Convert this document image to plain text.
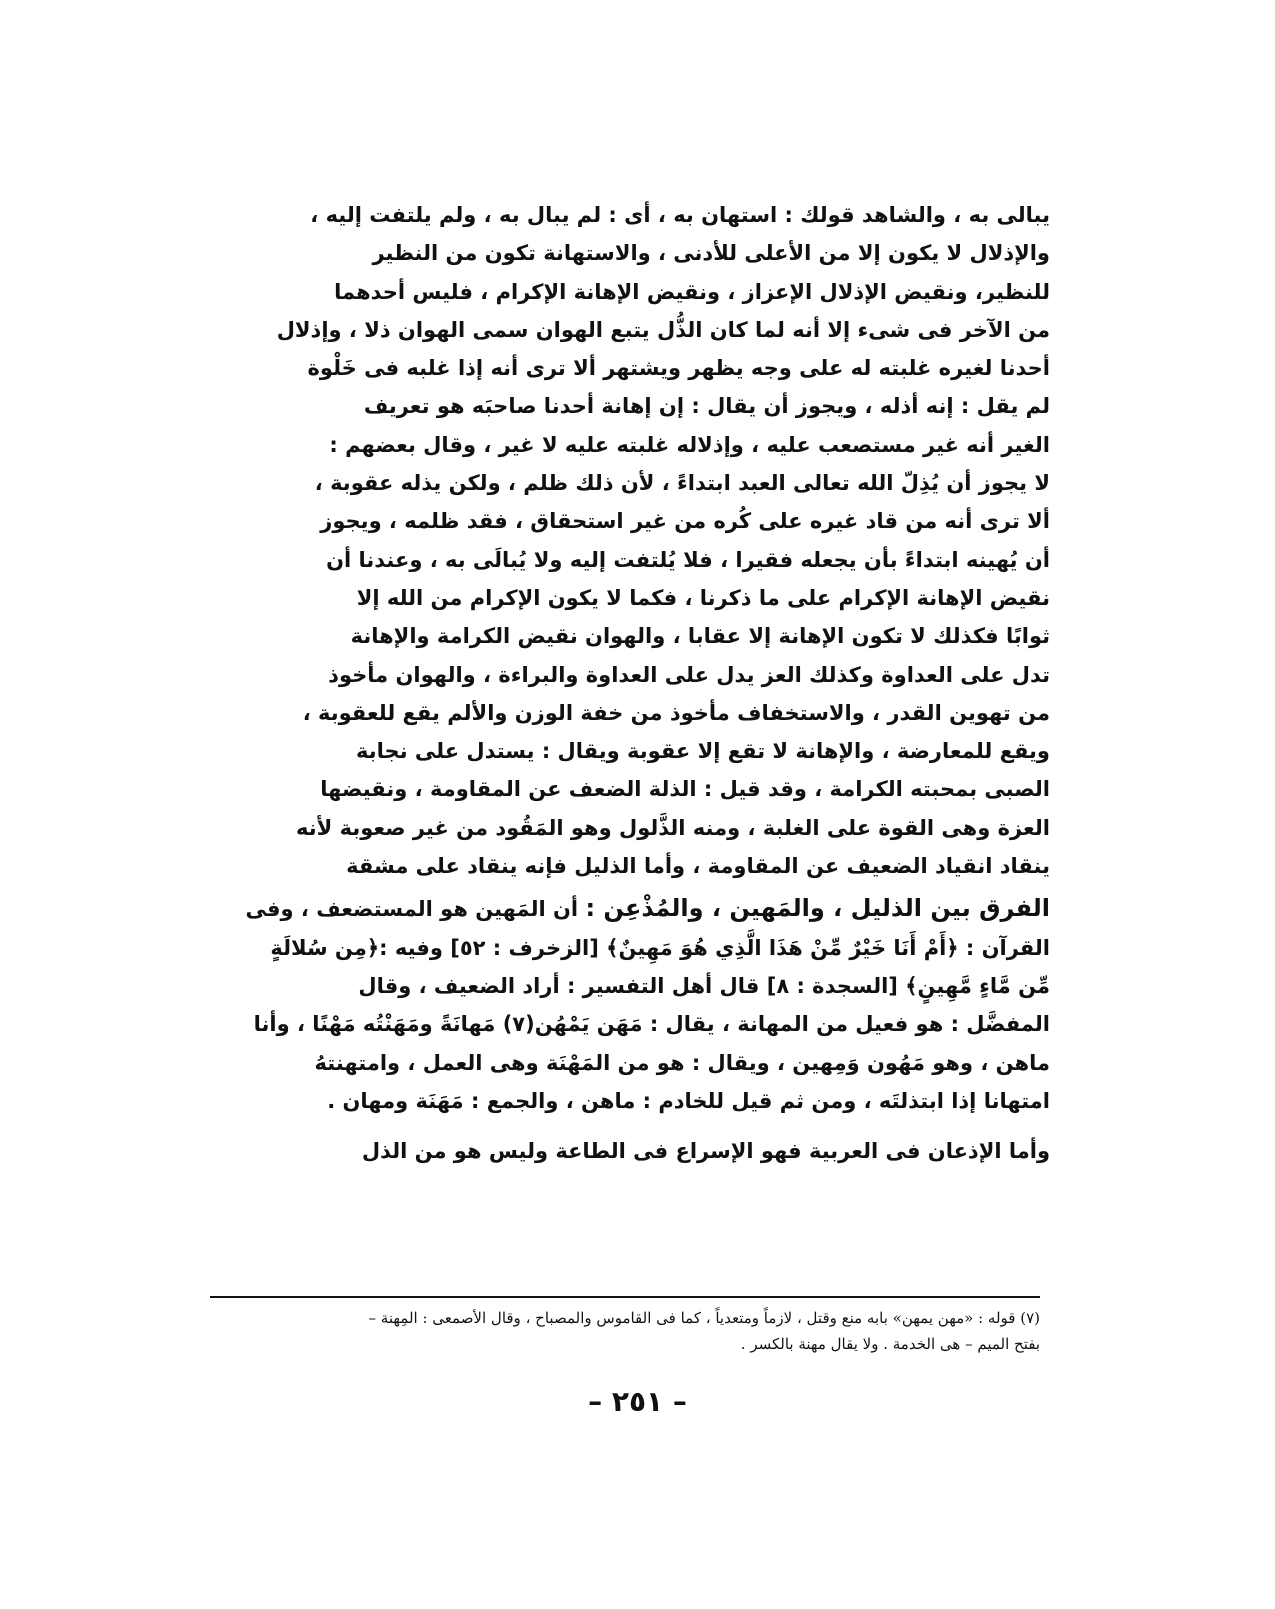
يبالى به ، والشاهد قولك : استهان به ، أى : لم يبال به ، ولم يلتفت إليه ،
والإذلال لا يكون إلا من الأعلى للأدنى ، والاستهانة تكون من النظير
للنظير، ونقيض الإذلال الإعزاز ، ونقيض الإهانة الإكرام ، فليس أحدهما
من الآخر فى شىء إلا أنه لما كان الذُّل يتبع الهوان سمى الهوان ذلا ، وإذلال
أحدنا لغيره غلبته له على وجه يظهر ويشتهر ألا ترى أنه إذا غلبه فى خَلْوة
لم يقل : إنه أذله ، ويجوز أن يقال : إن إهانة أحدنا صاحبَه هو تعريف
الغير أنه غير مستصعب عليه ، وإذلاله غلبته عليه لا غير ، وقال بعضهم :
لا يجوز أن يُذِلّ الله تعالى العبد ابتداءً ، لأن ذلك ظلم ، ولكن يذله عقوبة ،
ألا ترى أنه من قاد غيره على كُره من غير استحقاق ، فقد ظلمه ، ويجوز
أن يُهينه ابتداءً بأن يجعله فقيرا ، فلا يُلتفت إليه ولا يُبالَى به ، وعندنا أن
نقيض الإهانة الإكرام على ما ذكرنا ، فكما لا يكون الإكرام من الله إلا
ثوابًا فكذلك لا تكون الإهانة إلا عقابا ، والهوان نقيض الكرامة والإهانة
تدل على العداوة وكذلك العز يدل على العداوة والبراءة ، والهوان مأخوذ
من تهوين القدر ، والاستخفاف مأخوذ من خفة الوزن والألم يقع للعقوبة ،
ويقع للمعارضة ، والإهانة لا تقع إلا عقوبة ويقال : يستدل على نجابة
الصبى بمحبته الكرامة ، وقد قيل : الذلة الضعف عن المقاومة ، ونقيضها
العزة وهى القوة على الغلبة ، ومنه الذَّلول وهو المَقُود من غير صعوبة لأنه
ينقاد انقياد الضعيف عن المقاومة ، وأما الذليل فإنه ينقاد على مشقة

الفرق بين الذليل ، والمَهين ، والمُذْعِن : أن المَهين هو المستضعف ، وفى
القرآن : ﴿أَمْ أَنَا خَيْرٌ مِّنْ هَذَا الَّذِي هُوَ مَهِينٌ﴾ [الزخرف : ٥٢] وفيه :﴿مِن سُلالَةٍ
مِّن مَّاءٍ مَّهِينٍ﴾ [السجدة : ٨] قال أهل التفسير : أراد الضعيف ، وقال
المفضَّل : هو فعيل من المهانة ، يقال : مَهَن يَمْهُن(٧) مَهانَةً ومَهَنْتُه مَهْنًا ، وأنا
ماهن ، وهو مَهُون وَمِهين ، ويقال : هو من المَهْنَة وهى العمل ، وامتهنتهُ
امتهانا إذا ابتذلتَه ، ومن ثم قيل للخادم : ماهن ، والجمع : مَهَنَة ومهان .

وأما الإذعان فى العربية فهو الإسراع فى الطاعة وليس هو من الذل

(٧) قوله : «مهن يمهن» بابه منع وقتل ، لازماً ومتعدياً ، كما فى القاموس والمصباح ، وقال الأصمعى : المِهنة –
بفتح الميم – هى الخدمة . ولا يقال مهنة بالكسر .
– ٢٥١ –
